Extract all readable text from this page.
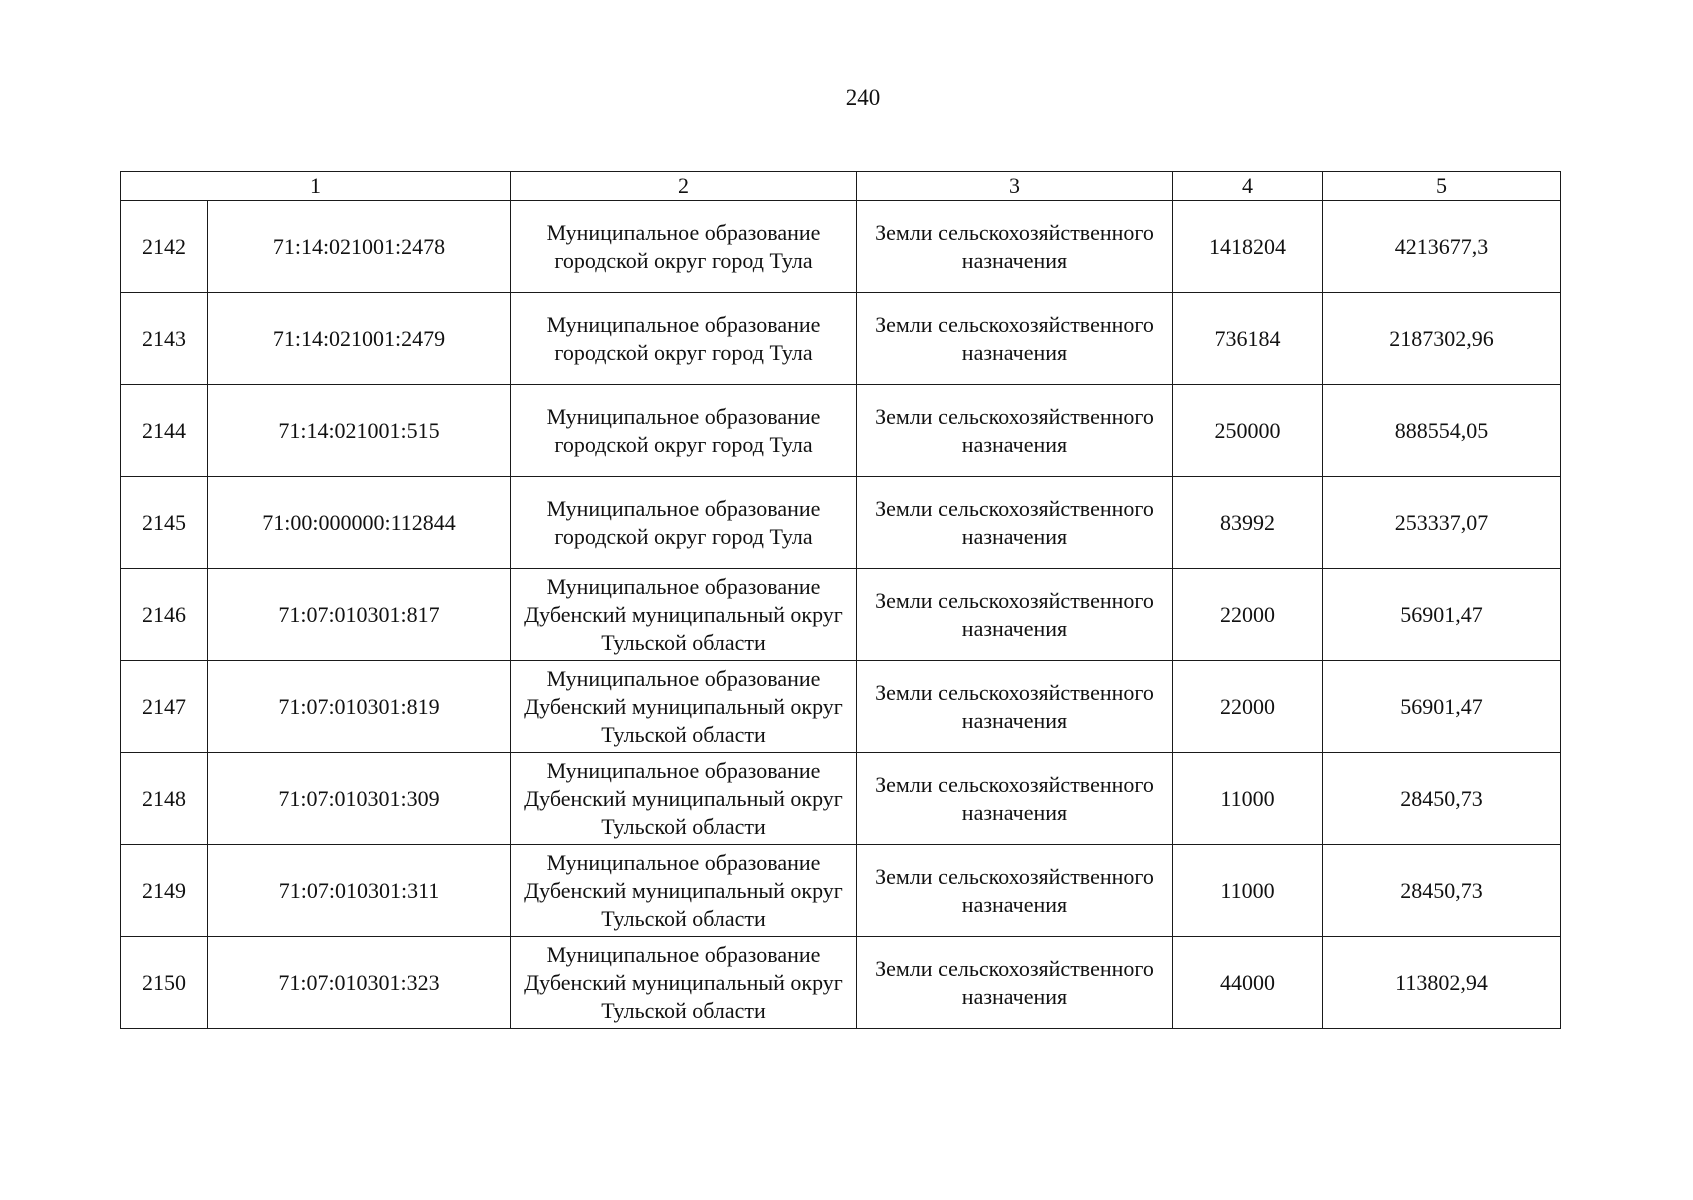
240
1		2	3	4	5
2142	71:14:021001:2478	Муниципальное образование городской округ город Тула	Земли сельскохозяйственного назначения	1418204	4213677,3
2143	71:14:021001:2479	Муниципальное образование городской округ город Тула	Земли сельскохозяйственного назначения	736184	2187302,96
2144	71:14:021001:515	Муниципальное образование городской округ город Тула	Земли сельскохозяйственного назначения	250000	888554,05
2145	71:00:000000:112844	Муниципальное образование городской округ город Тула	Земли сельскохозяйственного назначения	83992	253337,07
2146	71:07:010301:817	Муниципальное образование Дубенский муниципальный округ Тульской области	Земли сельскохозяйственного назначения	22000	56901,47
2147	71:07:010301:819	Муниципальное образование Дубенский муниципальный округ Тульской области	Земли сельскохозяйственного назначения	22000	56901,47
2148	71:07:010301:309	Муниципальное образование Дубенский муниципальный округ Тульской области	Земли сельскохозяйственного назначения	11000	28450,73
2149	71:07:010301:311	Муниципальное образование Дубенский муниципальный округ Тульской области	Земли сельскохозяйственного назначения	11000	28450,73
2150	71:07:010301:323	Муниципальное образование Дубенский муниципальный округ Тульской области	Земли сельскохозяйственного назначения	44000	113802,94
